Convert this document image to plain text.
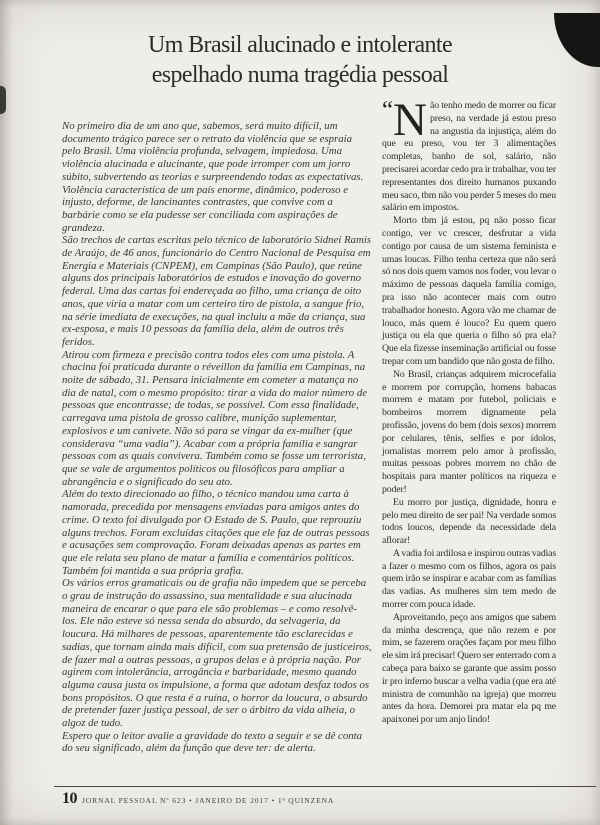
Um Brasil alucinado e intolerante
espelhado numa tragédia pessoal

No primeiro dia de um ano que, sabemos, será muito difícil, um documento trágico parece ser o retrato da violência que se espraia pelo Brasil. Uma violência profunda, selvagem, impiedosa. Uma violência alucinada e alucinante, que pode irromper com um jorro súbito, subvertendo as teorias e surpreendendo todas as expectativas. Violência característica de um país enorme, dinâmico, poderoso e injusto, deforme, de lancinantes contrastes, que convive com a barbárie como se ela pudesse ser conciliada com aspirações de grandeza.

São trechos de cartas escritas pelo técnico de laboratório Sidnei Ramis de Araújo, de 46 anos, funcionário do Centro Nacional de Pesquisa em Energia e Materiais (CNPEM), em Campinas (São Paulo), que reúne alguns dos principais laboratórios de estudos e inovação do governo federal. Uma das cartas foi endereçada ao filho, uma criança de oito anos, que viria a matar com um certeiro tiro de pistola, a sangue frio, na série imediata de execuções, na qual incluiu a mãe da criança, sua ex-esposa, e mais 10 pessoas da família dela, além de outros três feridos.

Atirou com firmeza e precisão contra todos eles com uma pistola. A chacina foi praticada durante o réveillon da família em Campinas, na noite de sábado, 31. Pensara inicialmente em cometer a matança no dia de natal, com o mesmo propósito: tirar a vida do maior número de pessoas que encontrasse; de todas, se possível. Com essa finalidade, carregava uma pistola de grosso calibre, munição suplementar, explosivos e um canivete. Não só para se vingar da ex-mulher (que considerava “uma vadia”). Acabar com a própria família e sangrar pessoas com as quais convivera. Também como se fosse um terrorista, que se vale de argumentos políticos ou filosóficos para ampliar a abrangência e o significado do seu ato.

Além do texto direcionado ao filho, o técnico mandou uma carta à namorada, precedida por mensagens enviadas para amigos antes do crime. O texto foi divulgado por O Estado de S. Paulo, que reprouziu alguns trechos. Foram excluídas citações que ele faz de outras pessoas e acusações sem comprovação. Foram deixadas apenas as partes em que ele relata seu plano de matar a família e comentários políticos. Também foi mantida a sua própria grafia.

Os vários erros gramaticais ou de grafia não impedem que se perceba o grau de instrução do assassino, sua mentalidade e sua alucinada maneira de encarar o que para ele são problemas – e como resolvê-los. Ele não esteve só nessa senda do absurdo, da selvageria, da loucura. Há milhares de pessoas, aparentemente tão esclarecidas e sadias, que tornam ainda mais difícil, com sua pretensão de justiceiros, de fazer mal a outras pessoas, a grupos delas e à própria nação. Por agirem com intolerância, arrogância e barbaridade, mesmo quando alguma causa justa os impulsione, a forma que adotam desfaz todos os bons propósitos. O que resta é a ruína, o horror da loucura, o absurdo de pretender fazer justiça pessoal, de ser o árbitro da vida alheia, o algoz de tudo.

Espero que o leitor avalie a gravidade do texto a seguir e se dê conta do seu significado, além da função que deve ter: de alerta.

“N ão tenho medo de morrer ou ficar preso, na verdade já estou preso na angustia da injustiça, além do que eu preso, vou ter 3 alimentações completas, banho de sol, salário, não precisarei acordar cedo pra ir trabalhar, vou ter representantes dos direito humanos puxando meu saco, tbm não vou perder 5 meses do meu salário em impostos.

Morto tbm já estou, pq não posso ficar contigo, ver vc crescer, desfrutar a vida contigo por causa de um sistema feminista e umas loucas. Filho tenha certeza que não será só nos dois quem vamos nos foder, vou levar o máximo de pessoas daquela família comigo, pra isso não acontecer mais com outro trabalhador honesto. Agora vão me chamar de louco, más quem é louco? Eu quem quero justiça ou ela que queria o filho só pra ela? Que ela fizesse inseminação artificial ou fosse trepar com um bandido que não gosta de filho.

No Brasil, crianças adquirem microcefalia e morrem por corrupção, homens babacas morrem e matam por futebol, policiais e bombeiros morrem dignamente pela profissão, jovens do bem (dois sexos) morrem por celulares, tênis, selfies e por ídolos, jornalistas morrem pelo amor à profissão, muitas pessoas pobres morrem no chão de hospitais para manter políticos na riqueza e poder!

Eu morro por justiça, dignidade, honra e pelo meu direito de ser pai! Na verdade somos todos loucos, depende da necessidade dela aflorar!

A vadia foi ardilosa e inspirou outras vadias a fazer o mesmo com os filhos, agora os pais quem irão se inspirar e acabar com as famílias das vadias. As mulheres sim tem medo de morrer com pouca idade.

Aproveitando, peço aos amigos que sabem da minha descrença, que não rezem e por mim, se fazerem orações façam por meu filho ele sim irá precisar! Quero ser enterrado com a cabeça para baixo se garante que assim posso ir pro inferno buscar a velha vadia (que era até ministra de comunhão na igreja) que morreu antes da hora. Demorei pra matar ela pq me apaixonei por um anjo lindo!

10 JORNAL PESSOAL Nº 623 • JANEIRO DE 2017 • 1ª QUINZENA
